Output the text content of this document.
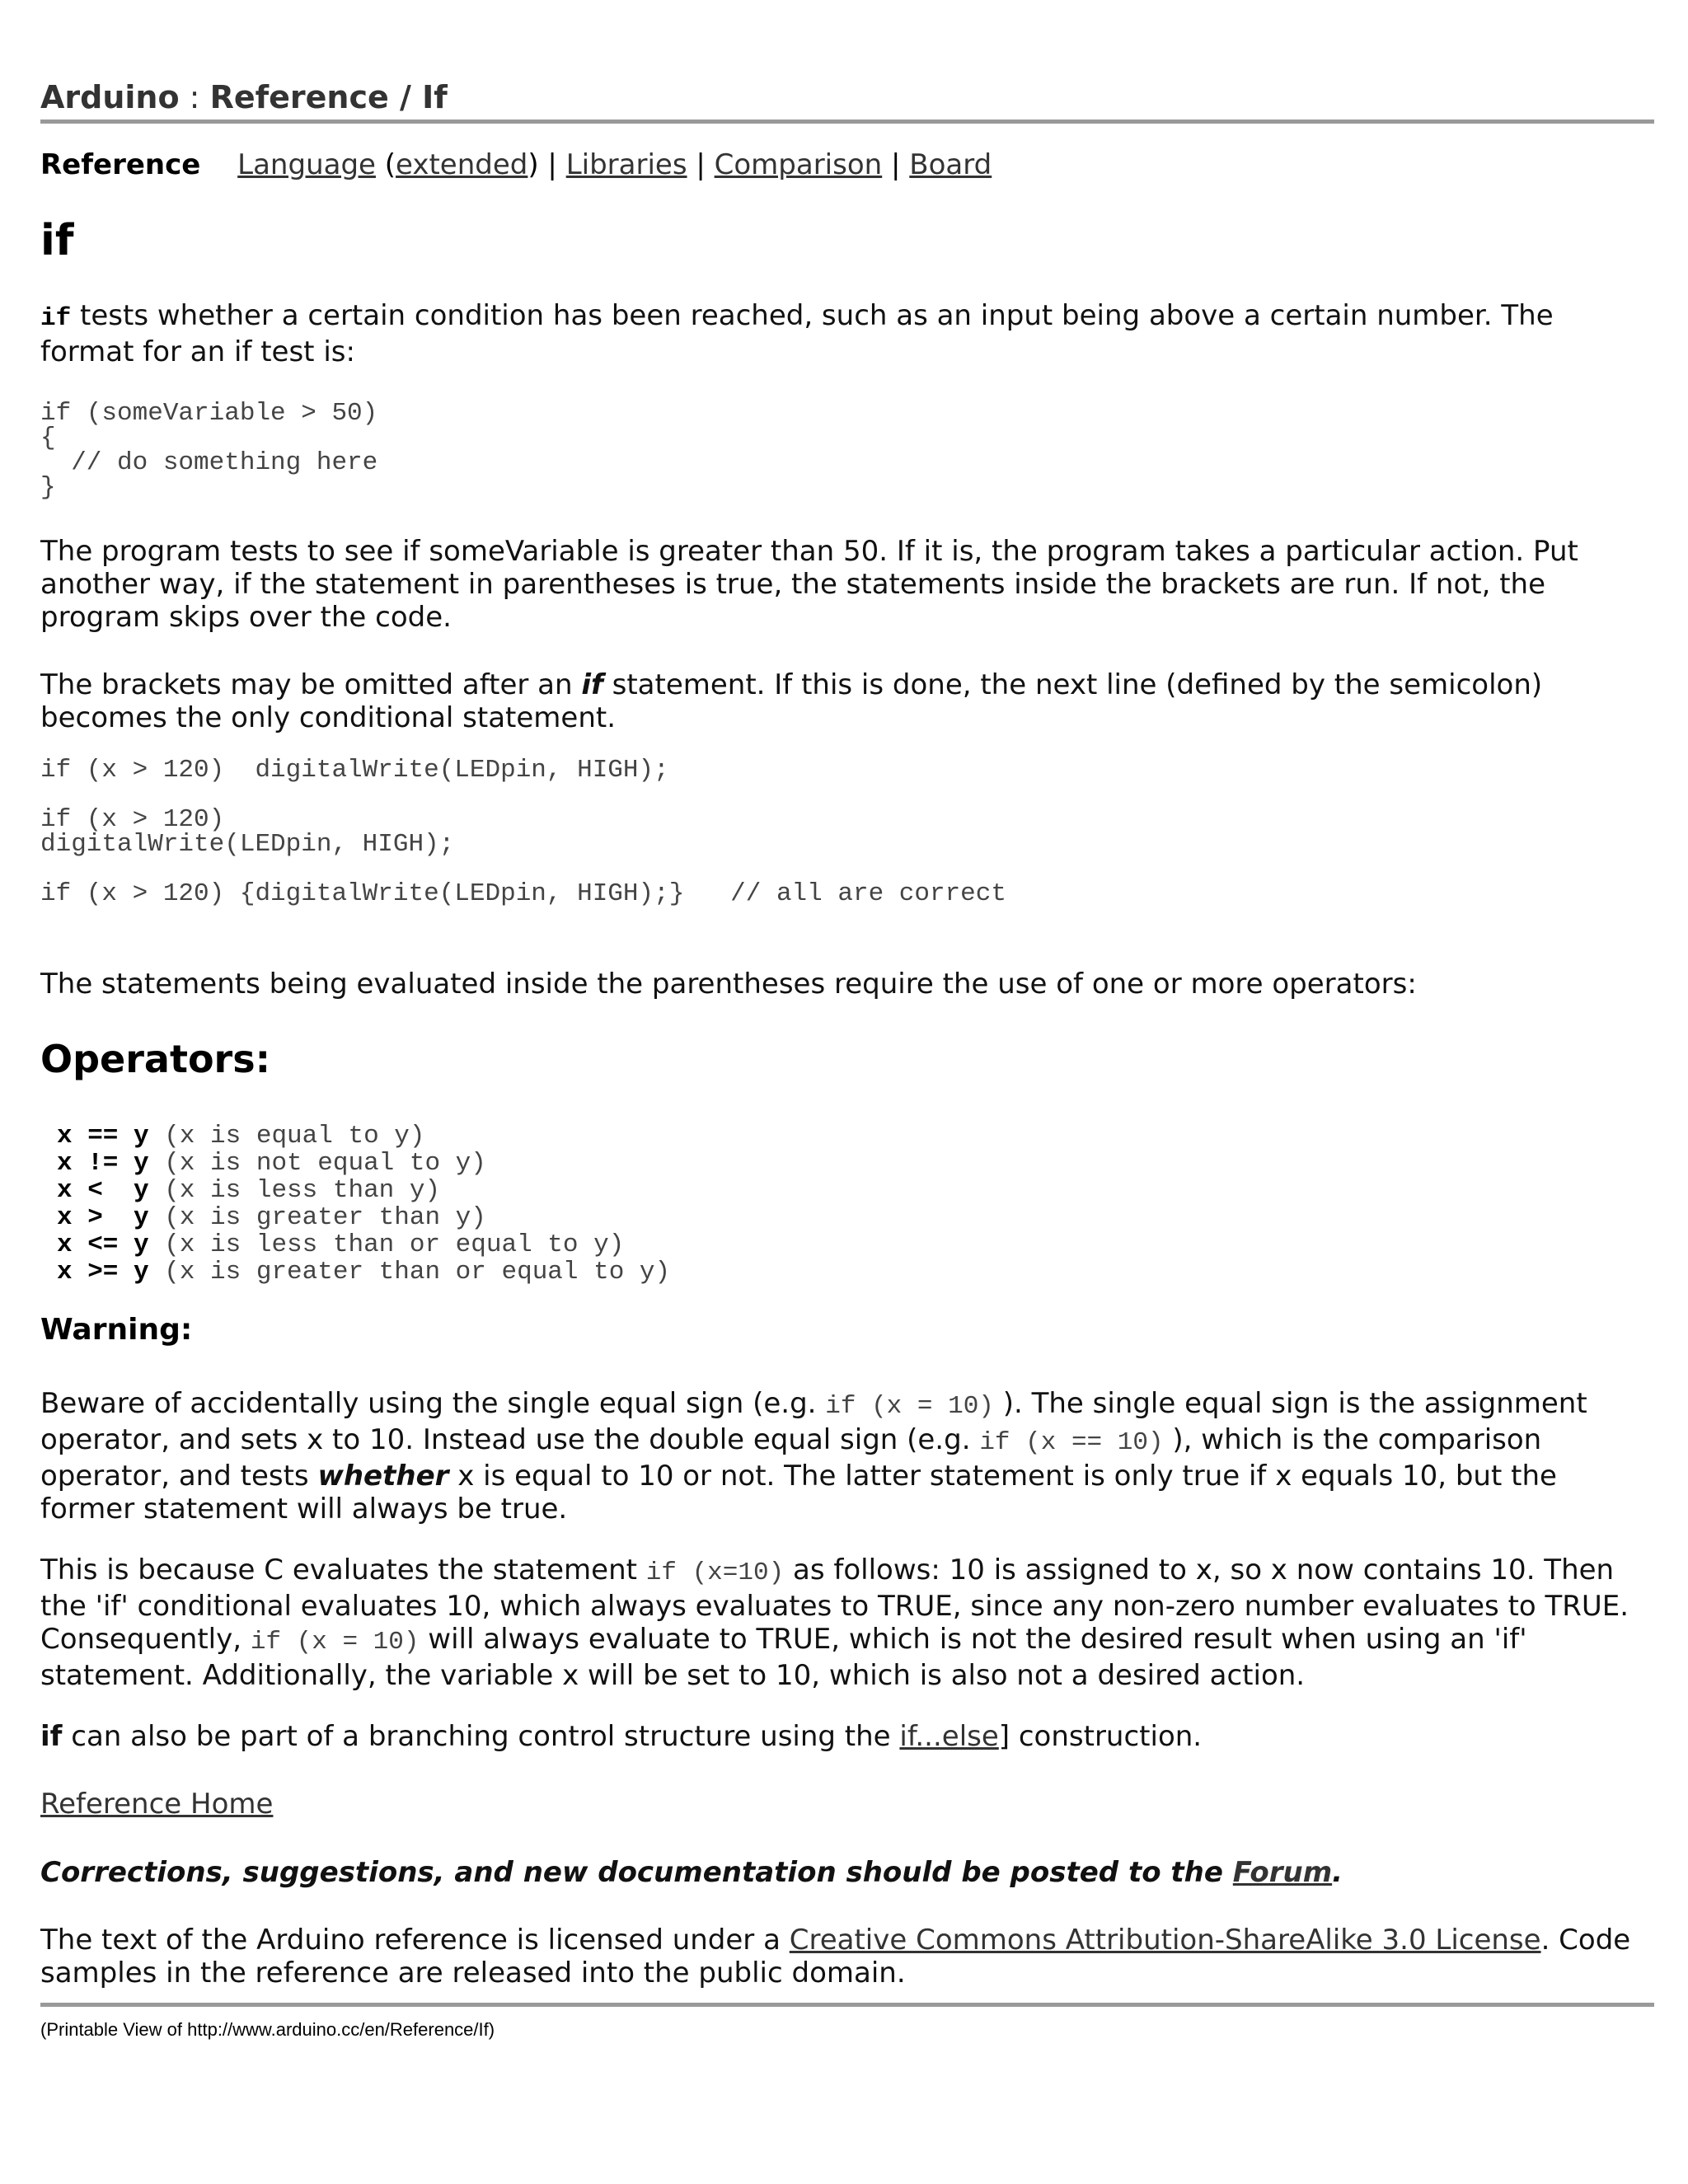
Arduino : Reference / If
Reference Language (extended) | Libraries | Comparison | Board
if
if tests whether a certain condition has been reached, such as an input being above a certain number. The format for an if test is:
if (someVariable > 50)
{
// do something here
}
The program tests to see if someVariable is greater than 50. If it is, the program takes a particular action. Put another way, if the statement in parentheses is true, the statements inside the brackets are run. If not, the program skips over the code.
The brackets may be omitted after an if statement. If this is done, the next line (defined by the semicolon) becomes the only conditional statement.
if (x > 120)  digitalWrite(LEDpin, HIGH);
if (x > 120)
digitalWrite(LEDpin, HIGH);
if (x > 120) {digitalWrite(LEDpin, HIGH);}   // all are correct
The statements being evaluated inside the parentheses require the use of one or more operators:
Operators:
x == y (x is equal to y)
x != y (x is not equal to y)
x <  y (x is less than y)
x >  y (x is greater than y)
x <= y (x is less than or equal to y)
x >= y (x is greater than or equal to y)
Warning:
Beware of accidentally using the single equal sign (e.g. if (x = 10) ). The single equal sign is the assignment operator, and sets x to 10. Instead use the double equal sign (e.g. if (x == 10) ), which is the comparison operator, and tests whether x is equal to 10 or not. The latter statement is only true if x equals 10, but the former statement will always be true.
This is because C evaluates the statement if (x=10) as follows: 10 is assigned to x, so x now contains 10. Then the 'if' conditional evaluates 10, which always evaluates to TRUE, since any non-zero number evaluates to TRUE. Consequently, if (x = 10) will always evaluate to TRUE, which is not the desired result when using an 'if' statement. Additionally, the variable x will be set to 10, which is also not a desired action.
if can also be part of a branching control structure using the if...else] construction.
Reference Home
Corrections, suggestions, and new documentation should be posted to the Forum.
The text of the Arduino reference is licensed under a Creative Commons Attribution-ShareAlike 3.0 License. Code samples in the reference are released into the public domain.
(Printable View of http://www.arduino.cc/en/Reference/If)
